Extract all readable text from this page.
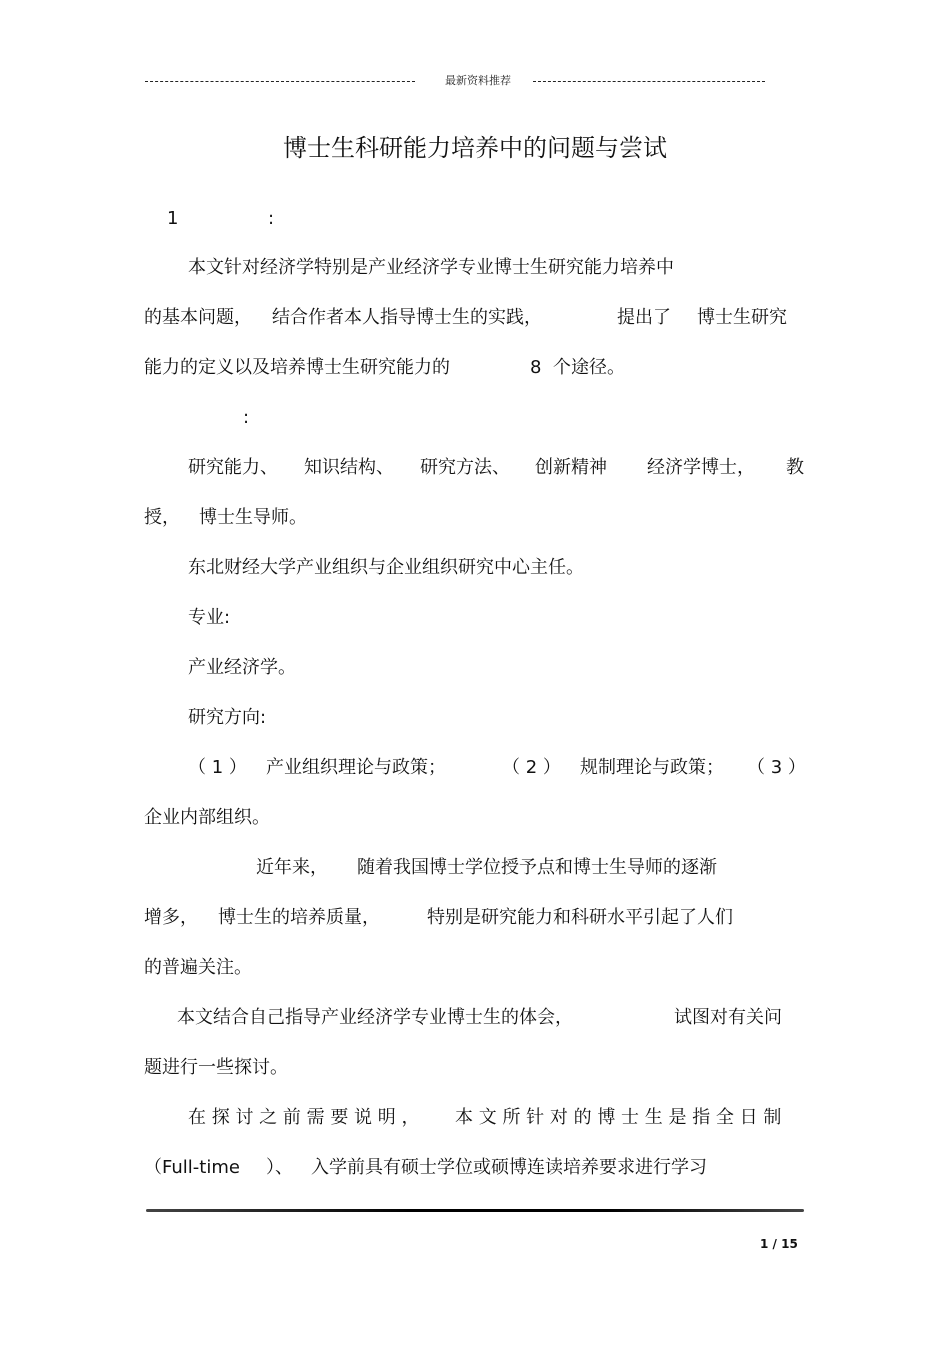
最新资料推荐
博士生科研能力培养中的问题与尝试
1	:
本文针对经济学特别是产业经济学专业博士生研究能力培养中
的基本问题， 结合作者本人指导博士生的实践，	提出了 博士生研究
能力的定义以及培养博士生研究能力的	8 个途径。
:
研究能力、 知识结构、 研究方法、 创新精神 经济学博士， 教
授， 博士生导师。
东北财经大学产业组织与企业组织研究中心主任。
专业:
产业经济学。
研究方向:
（ 1 ） 产业组织理论与政策；	（ 2 ） 规制理论与政策； （ 3 ）
企业内部组织。
近年来， 随着我国博士学位授予点和博士生导师的逐渐
增多， 博士生的培养质量，	特别是研究能力和科研水平引起了人们
的普遍关注。
本文结合自己指导产业经济学专业博士生的体会，	试图对有关问
题进行一些探讨。
在 探 讨 之 前 需 要 说 明 ， 本 文 所 针 对 的 博 士 生 是 指 全 日 制
（Full-time ）、 入学前具有硕士学位或硕博连读培养要求进行学习
1 / 15
